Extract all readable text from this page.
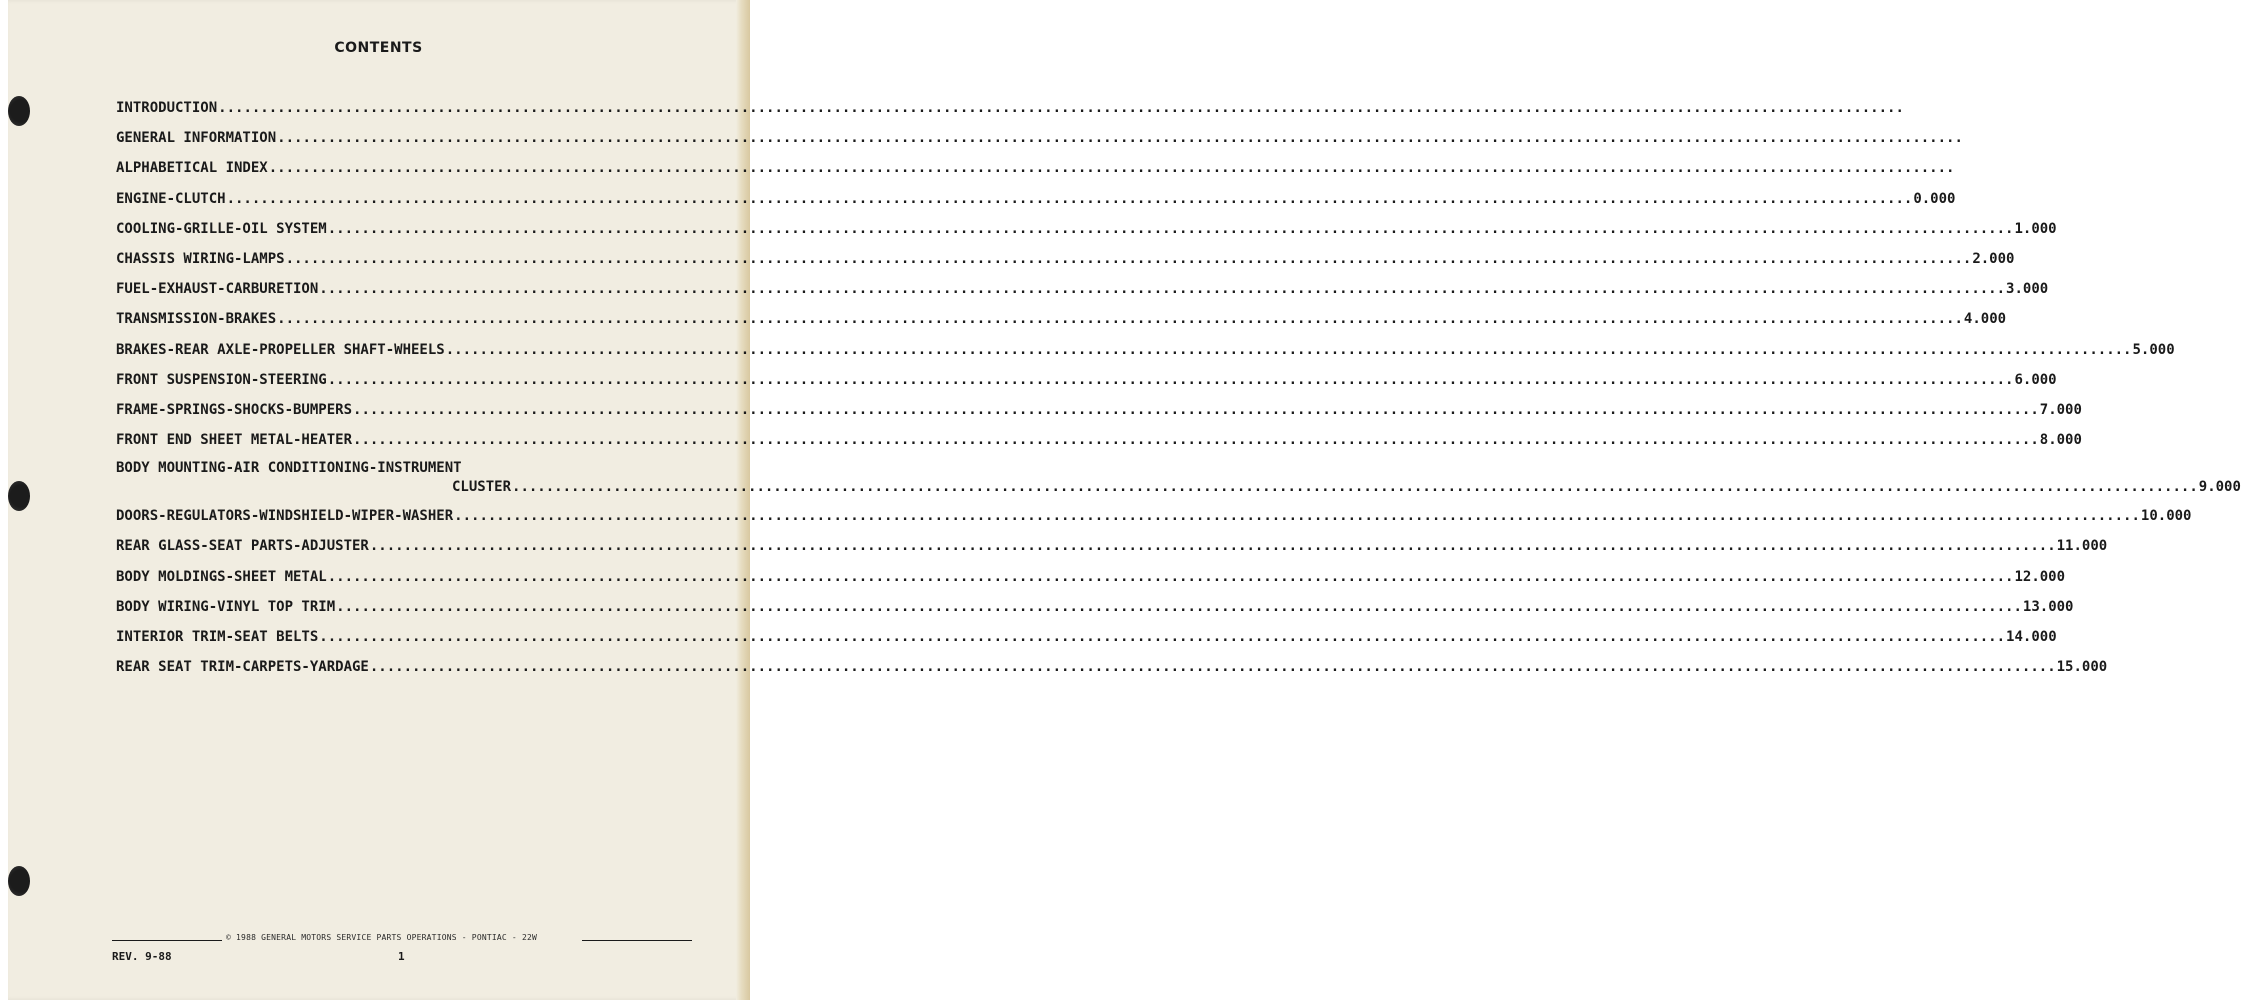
CONTENTS
INTRODUCTION ........................................................................................................................................................................................................
GENERAL INFORMATION ........................................................................................................................................................................................................
ALPHABETICAL INDEX ........................................................................................................................................................................................................
ENGINE-CLUTCH ........................................................................................................................................................................................................ 0.000
COOLING-GRILLE-OIL SYSTEM ........................................................................................................................................................................................................ 1.000
CHASSIS WIRING-LAMPS ........................................................................................................................................................................................................ 2.000
FUEL-EXHAUST-CARBURETION ........................................................................................................................................................................................................ 3.000
TRANSMISSION-BRAKES ........................................................................................................................................................................................................ 4.000
BRAKES-REAR AXLE-PROPELLER SHAFT-WHEELS ........................................................................................................................................................................................................ 5.000
FRONT SUSPENSION-STEERING ........................................................................................................................................................................................................ 6.000
FRAME-SPRINGS-SHOCKS-BUMPERS ........................................................................................................................................................................................................ 7.000
FRONT END SHEET METAL-HEATER ........................................................................................................................................................................................................ 8.000
BODY MOUNTING-AIR CONDITIONING-INSTRUMENT
CLUSTER ........................................................................................................................................................................................................ 9.000
DOORS-REGULATORS-WINDSHIELD-WIPER-WASHER ........................................................................................................................................................................................................ 10.000
REAR GLASS-SEAT PARTS-ADJUSTER ........................................................................................................................................................................................................ 11.000
BODY MOLDINGS-SHEET METAL ........................................................................................................................................................................................................ 12.000
BODY WIRING-VINYL TOP TRIM ........................................................................................................................................................................................................ 13.000
INTERIOR TRIM-SEAT BELTS ........................................................................................................................................................................................................ 14.000
REAR SEAT TRIM-CARPETS-YARDAGE ........................................................................................................................................................................................................ 15.000
© 1988 GENERAL MOTORS SERVICE PARTS OPERATIONS - PONTIAC - 22W
REV. 9-88	1
